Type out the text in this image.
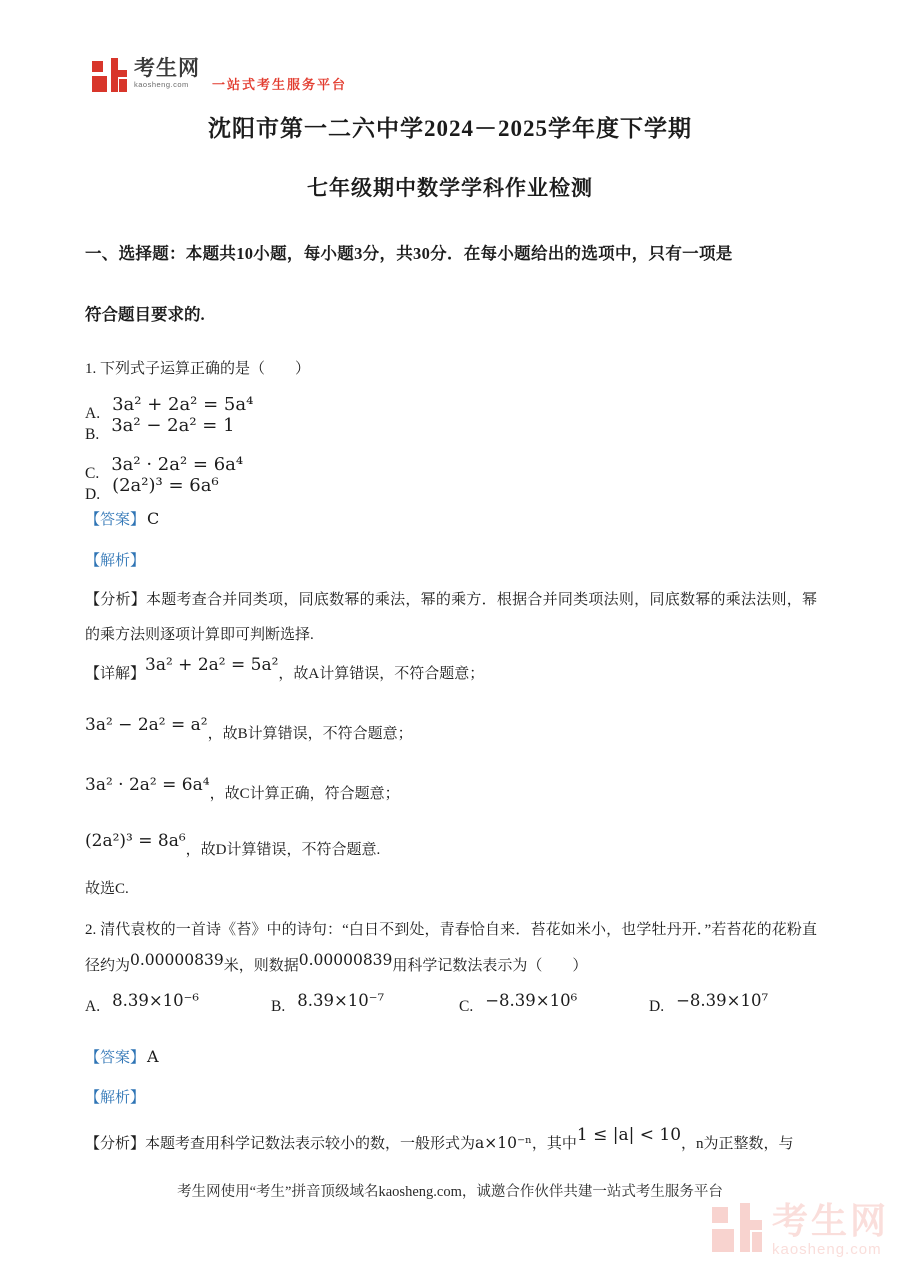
考生网
kaosheng.com	一站式考生服务平台
沈阳市第一二六中学2024－2025学年度下学期
七年级期中数学学科作业检测
一、选择题：本题共10小题，每小题3分，共30分．在每小题给出的选项中，只有一项是
符合题目要求的.
1. 下列式子运算正确的是（　　）
A. 3a² + 2a² = 5a⁴ B. 3a² − 2a² = 1
C. 3a² · 2a² = 6a⁴ D. (2a²)³ = 6a⁶
【答案】 C
【解析】

【分析】本题考查合并同类项，同底数幂的乘法，幂的乘方．根据合并同类项法则，同底数幂的乘法法则，幂的乘方法则逐项计算即可判断选择.

【详解】3a² + 2a² = 5a²，故A计算错误，不符合题意；
3a² − 2a² = a²，故B计算错误，不符合题意；
3a² · 2a² = 6a⁴，故C计算正确，符合题意；
(2a²)³ = 8a⁶，故D计算错误，不符合题意.
故选C.

2. 清代袁枚的一首诗《苔》中的诗句：“白日不到处，青春恰自来．苔花如米小，也学牡丹开．”若苔花的花粉直径约为0.00000839米，则数据0.00000839用科学记数法表示为（　　）

A. 8.39×10⁻⁶	B. 8.39×10⁻⁷	C. −8.39×10⁶	D. −8.39×10⁷
【答案】 A
【解析】
【分析】本题考查用科学记数法表示较小的数，一般形式为a×10⁻ⁿ，其中1 ≤ |a| < 10，n为正整数，与
考生网使用“考生”拼音顶级域名kaosheng.com，诚邀合作伙伴共建一站式考生服务平台
考生网
kaosheng.com
